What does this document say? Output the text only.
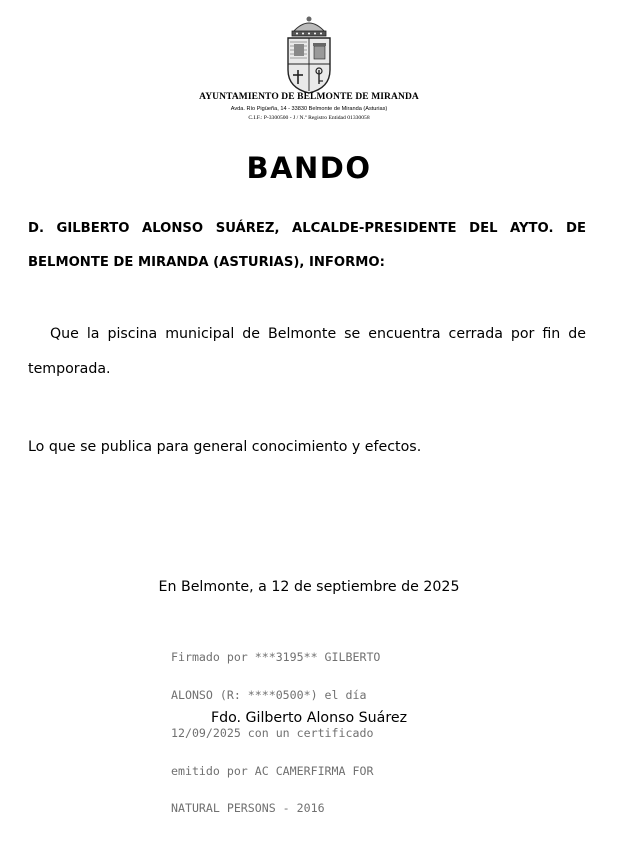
AYUNTAMIENTO DE BELMONTE DE MIRANDA
Avda. Río Pigüeña, 14 - 33830 Belmonte de Miranda (Asturias)
C.I.F.: P-3300500 - J / N.º Registro Entidad 01330058
BANDO
D. GILBERTO ALONSO SUÁREZ, ALCALDE-PRESIDENTE DEL AYTO. DE BELMONTE DE MIRANDA (ASTURIAS), INFORMO:
Que la piscina municipal de Belmonte se encuentra cerrada por fin de temporada.
Lo que se publica para general conocimiento y efectos.
En Belmonte, a 12 de septiembre de 2025

Firmado por ***3195** GILBERTO

ALONSO (R: ****0500*) el día

12/09/2025 con un certificado

emitido por AC CAMERFIRMA FOR

NATURAL PERSONS - 2016

Fdo. Gilberto Alonso Suárez
